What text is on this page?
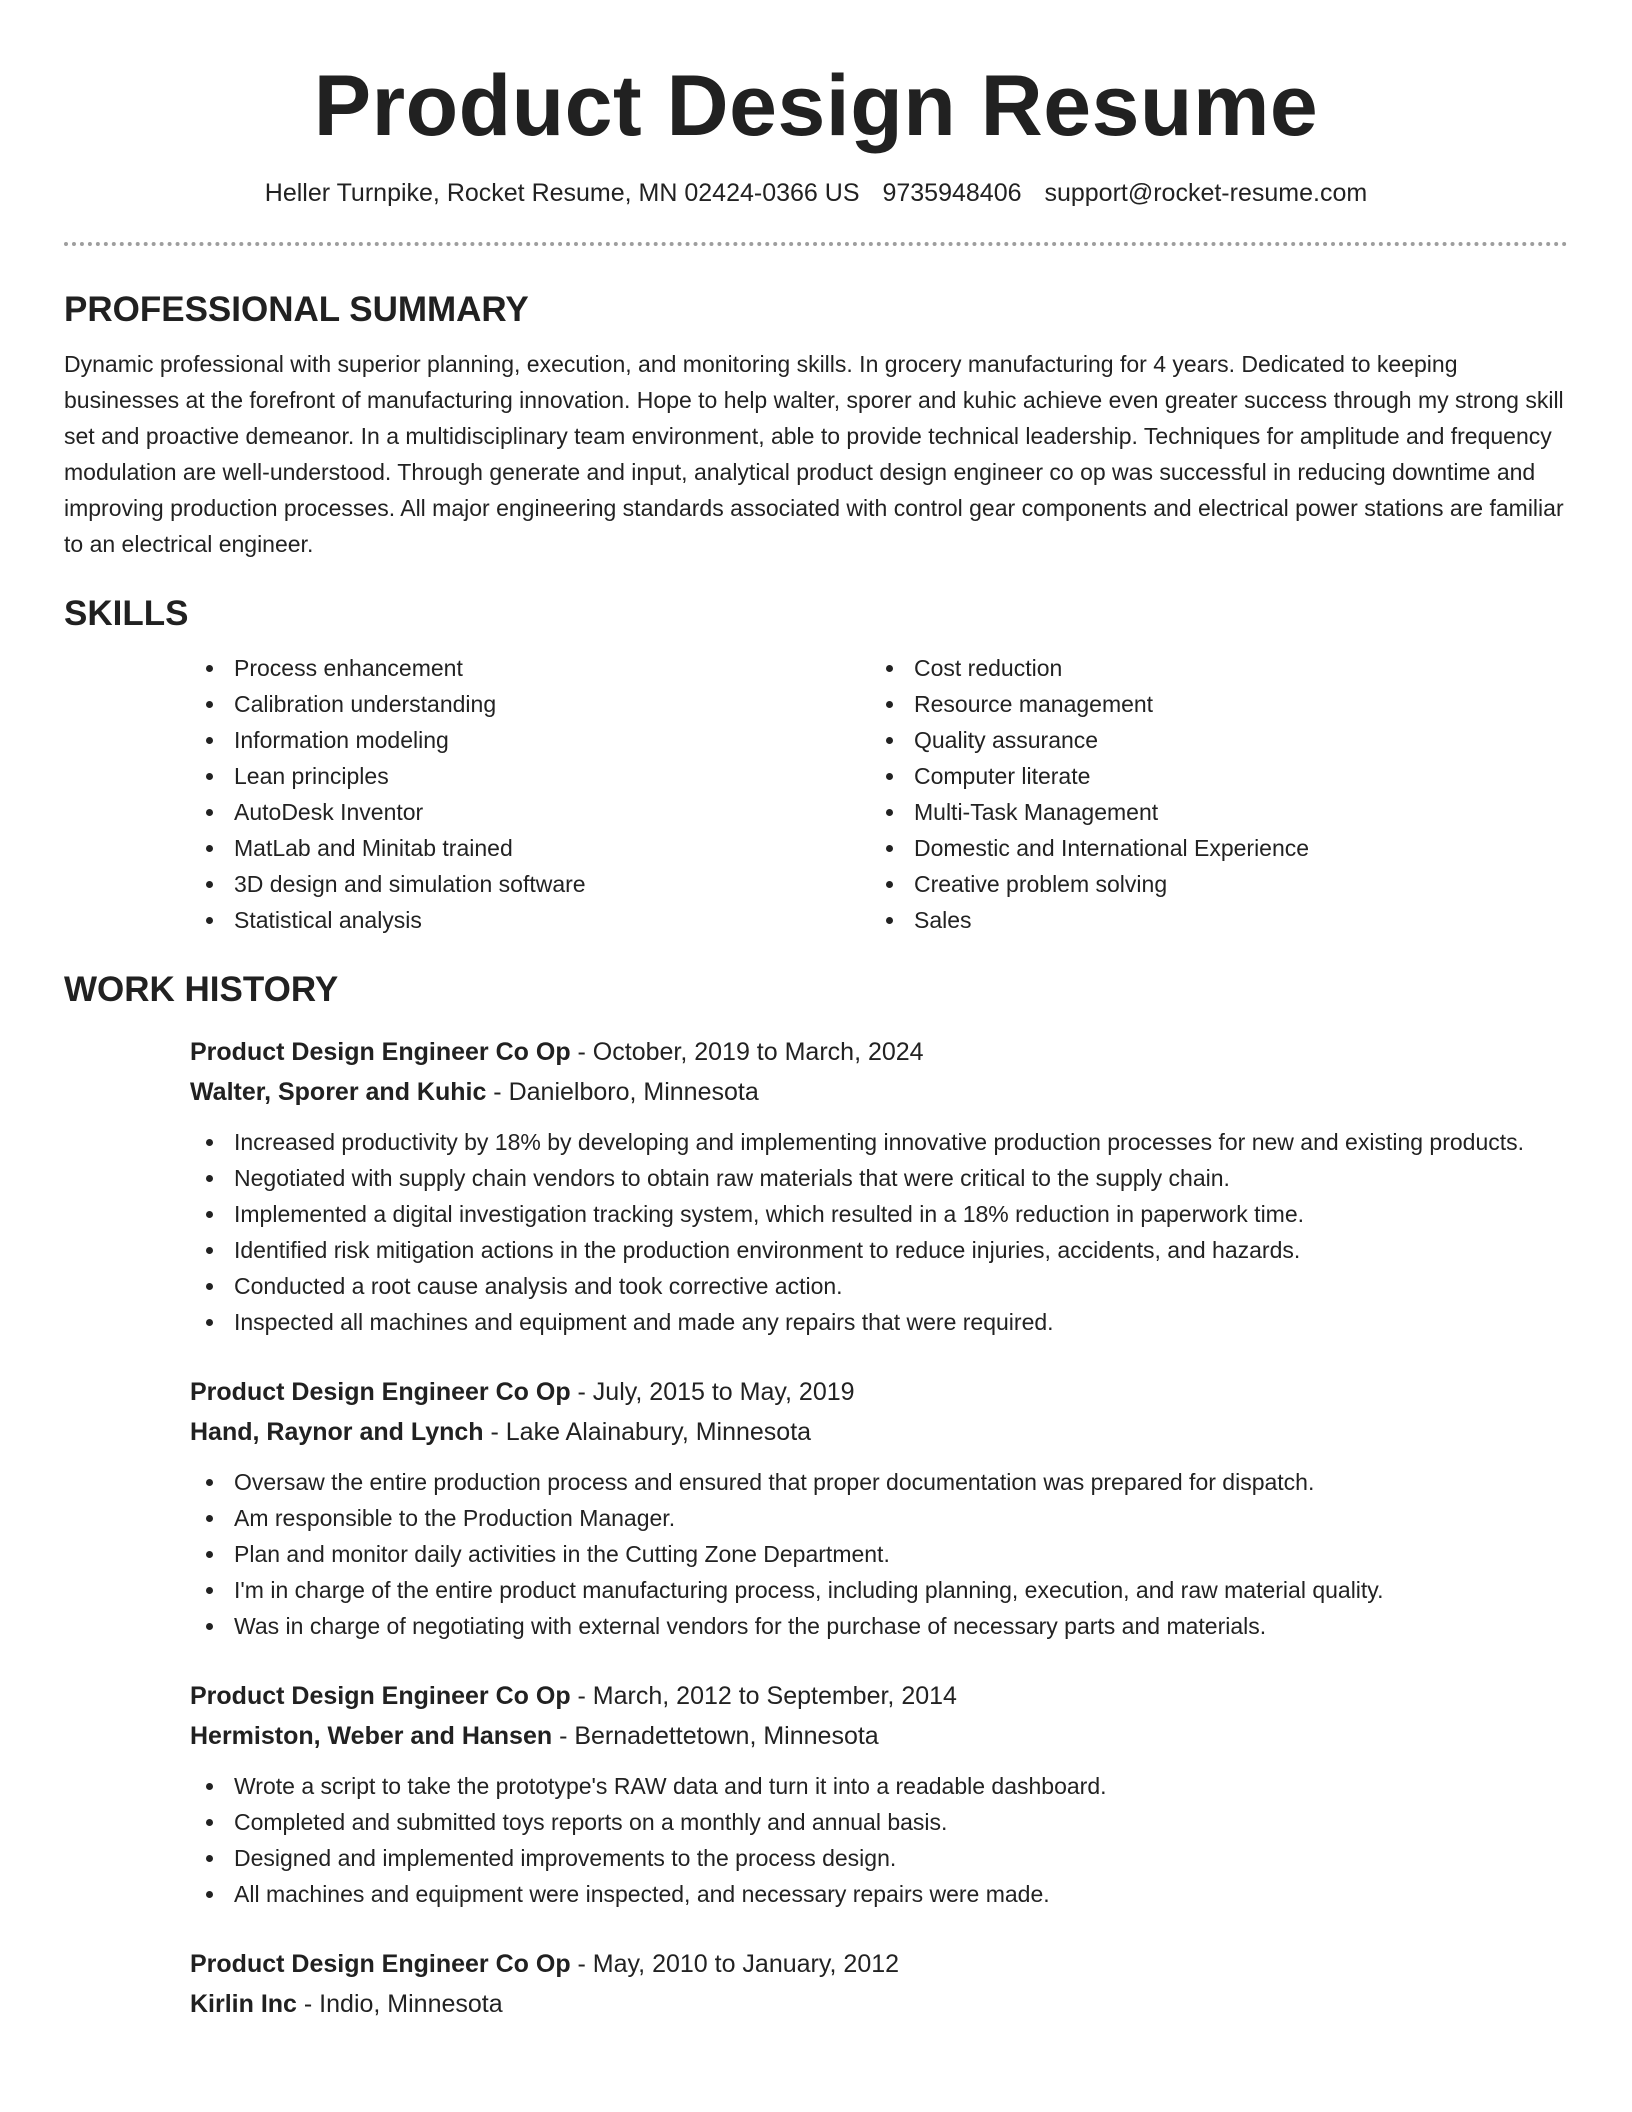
Product Design Resume
Heller Turnpike, Rocket Resume, MN 02424-0366 US 9735948406 support@rocket-resume.com
PROFESSIONAL SUMMARY

Dynamic professional with superior planning, execution, and monitoring skills. In grocery manufacturing for 4 years. Dedicated to keeping businesses at the forefront of manufacturing innovation. Hope to help walter, sporer and kuhic achieve even greater success through my strong skill set and proactive demeanor. In a multidisciplinary team environment, able to provide technical leadership. Techniques for amplitude and frequency modulation are well-understood. Through generate and input, analytical product design engineer co op was successful in reducing downtime and improving production processes. All major engineering standards associated with control gear components and electrical power stations are familiar to an electrical engineer.

SKILLS
Process enhancement
Calibration understanding
Information modeling
Lean principles
AutoDesk Inventor
MatLab and Minitab trained
3D design and simulation software
Statistical analysis
Cost reduction
Resource management
Quality assurance
Computer literate
Multi-Task Management
Domestic and International Experience
Creative problem solving
Sales
WORK HISTORY
Product Design Engineer Co Op - October, 2019 to March, 2024
Walter, Sporer and Kuhic - Danielboro, Minnesota
Increased productivity by 18% by developing and implementing innovative production processes for new and existing products.
Negotiated with supply chain vendors to obtain raw materials that were critical to the supply chain.
Implemented a digital investigation tracking system, which resulted in a 18% reduction in paperwork time.
Identified risk mitigation actions in the production environment to reduce injuries, accidents, and hazards.
Conducted a root cause analysis and took corrective action.
Inspected all machines and equipment and made any repairs that were required.
Product Design Engineer Co Op - July, 2015 to May, 2019
Hand, Raynor and Lynch - Lake Alainabury, Minnesota
Oversaw the entire production process and ensured that proper documentation was prepared for dispatch.
Am responsible to the Production Manager.
Plan and monitor daily activities in the Cutting Zone Department.
I'm in charge of the entire product manufacturing process, including planning, execution, and raw material quality.
Was in charge of negotiating with external vendors for the purchase of necessary parts and materials.
Product Design Engineer Co Op - March, 2012 to September, 2014
Hermiston, Weber and Hansen - Bernadettetown, Minnesota
Wrote a script to take the prototype's RAW data and turn it into a readable dashboard.
Completed and submitted toys reports on a monthly and annual basis.
Designed and implemented improvements to the process design.
All machines and equipment were inspected, and necessary repairs were made.
Product Design Engineer Co Op - May, 2010 to January, 2012
Kirlin Inc - Indio, Minnesota
